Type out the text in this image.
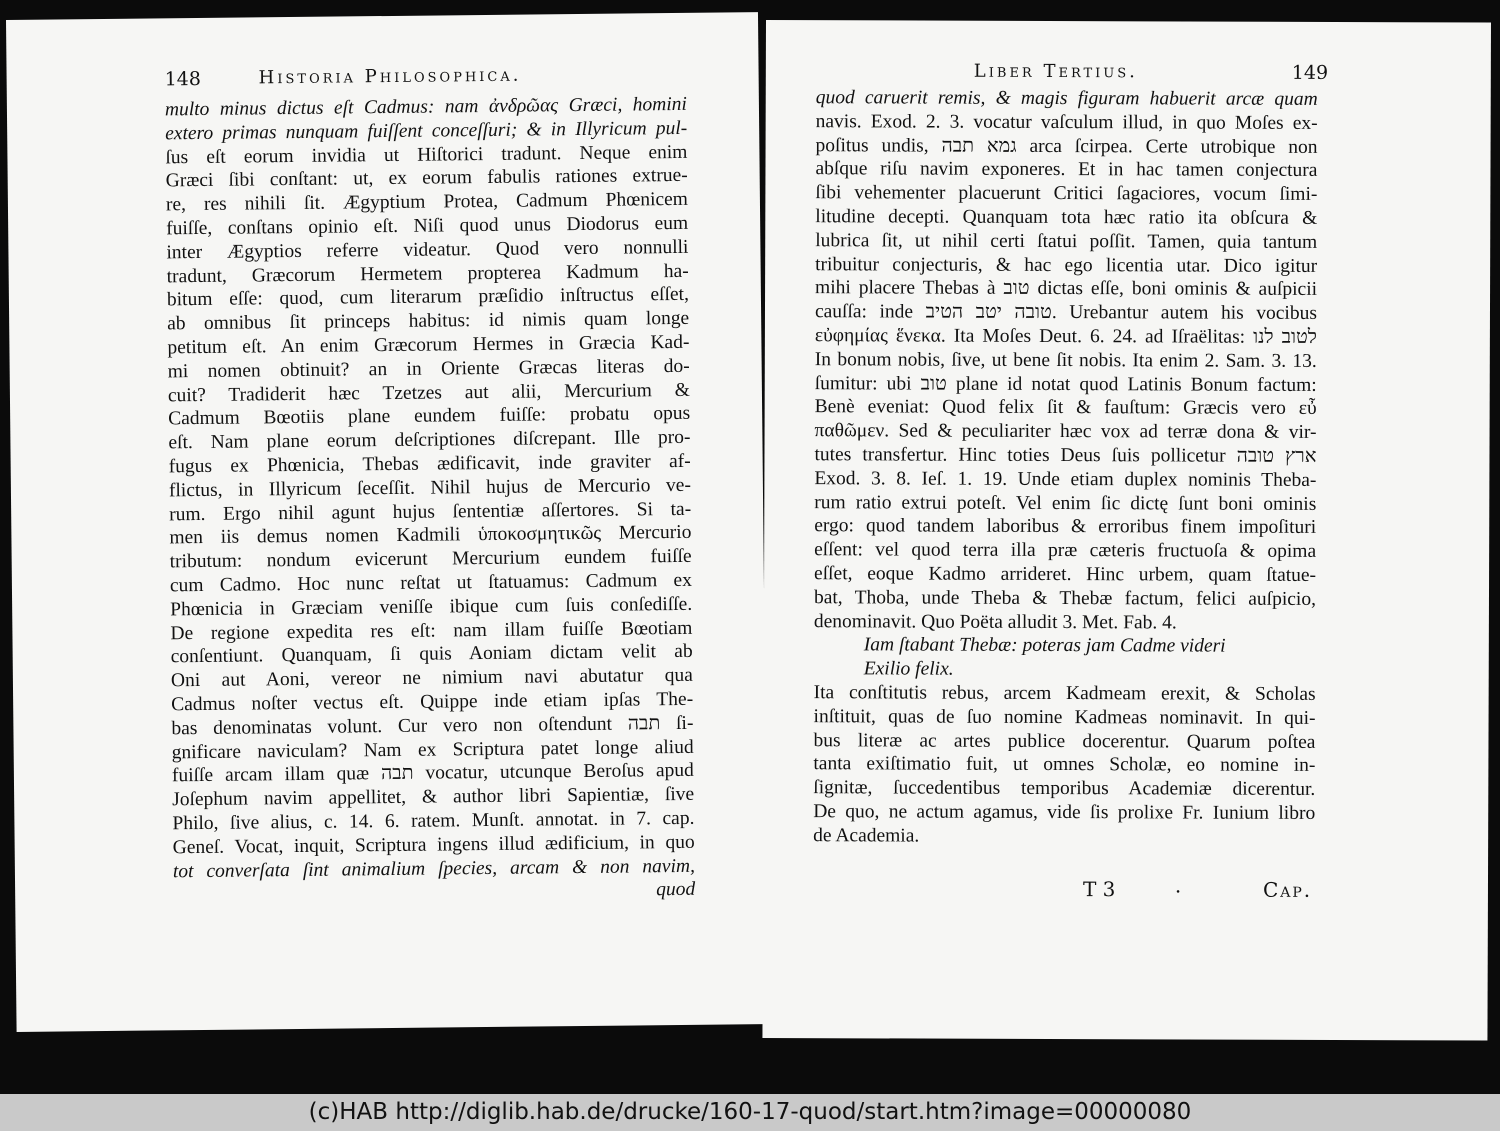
148	Historia Philosophica.
multo minus dictus eſt Cadmus: nam ἀνδρῶας Græci, homini
extero primas nunquam fuiſſent conceſſuri; & in Illyricum pul-
ſus eſt eorum invidia ut Hiſtorici tradunt. Neque enim
Græci ſibi conſtant: ut, ex eorum fabulis rationes extrue-
re, res nihili ſit. Ægyptium Protea, Cadmum Phœnicem
fuiſſe, conſtans opinio eſt. Niſi quod unus Diodorus eum
inter Ægyptios referre videatur. Quod vero nonnulli
tradunt, Græcorum Hermetem propterea Kadmum ha-
bitum eſſe: quod, cum literarum præſidio inſtructus eſſet,
ab omnibus ſit princeps habitus: id nimis quam longe
petitum eſt. An enim Græcorum Hermes in Græcia Kad-
mi nomen obtinuit? an in Oriente Græcas literas do-
cuit? Tradiderit hæc Tzetzes aut alii, Mercurium &
Cadmum Bœotiis plane eundem fuiſſe: probatu opus
eſt. Nam plane eorum deſcriptiones diſcrepant. Ille pro-
fugus ex Phœnicia, Thebas ædificavit, inde graviter af-
flictus, in Illyricum ſeceſſit. Nihil hujus de Mercurio ve-
rum. Ergo nihil agunt hujus ſententiæ aſſertores. Si ta-
men iis demus nomen Kadmili ὑποκοσμητικῶς Mercurio
tributum: nondum evicerunt Mercurium eundem fuiſſe
cum Cadmo. Hoc nunc reſtat ut ſtatuamus: Cadmum ex
Phœnicia in Græciam veniſſe ibique cum ſuis conſediſſe.
De regione expedita res eſt: nam illam fuiſſe Bœotiam
conſentiunt. Quanquam, ſi quis Aoniam dictam velit ab
Oni aut Aoni, vereor ne nimium navi abutatur qua
Cadmus noſter vectus eſt. Quippe inde etiam ipſas The-
bas denominatas volunt. Cur vero non oſtendunt תבה ſi-
gnificare naviculam? Nam ex Scriptura patet longe aliud
fuiſſe arcam illam quæ תבה vocatur, utcunque Beroſus apud
Joſephum navim appellitet, & author libri Sapientiæ, ſive
Philo, ſive alius, c. 14. 6. ratem. Munſt. annotat. in 7. cap.
Geneſ. Vocat, inquit, Scriptura ingens illud ædificium, in quo
tot converſata ſint animalium ſpecies, arcam & non navim,
quod
Liber Tertius.	149
quod caruerit remis, & magis figuram habuerit arcæ quam
navis. Exod. 2. 3. vocatur vaſculum illud, in quo Moſes ex-
poſitus undis, גמא תבה arca ſcirpea. Certe utrobique non
abſque riſu navim exponeres. Et in hac tamen conjectura
ſibi vehementer placuerunt Critici ſagaciores, vocum ſimi-
litudine decepti. Quanquam tota hæc ratio ita obſcura &
lubrica ſit, ut nihil certi ſtatui poſſit. Tamen, quia tantum
tribuitur conjecturis, & hac ego licentia utar. Dico igitur
mihi placere Thebas à טוב dictas eſſe, boni ominis & auſpicii
cauſſa: inde טובה יטב הטיב. Urebantur autem his vocibus
εὐφημίας ἕνεκα. Ita Moſes Deut. 6. 24. ad Iſraëlitas: לטוב לנו
In bonum nobis, ſive, ut bene ſit nobis. Ita enim 2. Sam. 3. 13.
ſumitur: ubi טוב plane id notat quod Latinis Bonum factum:
Benè eveniat: Quod felix ſit & fauſtum: Græcis vero εὖ
παθῶμεν. Sed & peculiariter hæc vox ad terræ dona & vir-
tutes transfertur. Hinc toties Deus ſuis pollicetur ארץ טובה
Exod. 3. 8. Ieſ. 1. 19. Unde etiam duplex nominis Theba-
rum ratio extrui poteſt. Vel enim ſic dictę ſunt boni ominis
ergo: quod tandem laboribus & erroribus finem impoſituri
eſſent: vel quod terra illa præ cæteris fructuoſa & opima
eſſet, eoque Kadmo arrideret. Hinc urbem, quam ſtatue-
bat, Thoba, unde Theba & Thebæ factum, felici auſpicio,
denominavit. Quo Poëta alludit 3. Met. Fab. 4.
Iam ſtabant Thebæ: poteras jam Cadme videri
Exilio felix.
Ita conſtitutis rebus, arcem Kadmeam erexit, & Scholas
inſtituit, quas de ſuo nomine Kadmeas nominavit. In qui-
bus literæ ac artes publice docerentur. Quarum poſtea
tanta exiſtimatio fuit, ut omnes Scholæ, eo nomine in-
ſignitæ, ſuccedentibus temporibus Academiæ dicerentur.
De quo, ne actum agamus, vide ſis prolixe Fr. Iunium libro
de Academia.
T 3	·	Cap.
(c)HAB http://diglib.hab.de/drucke/160-17-quod/start.htm?image=00000080
